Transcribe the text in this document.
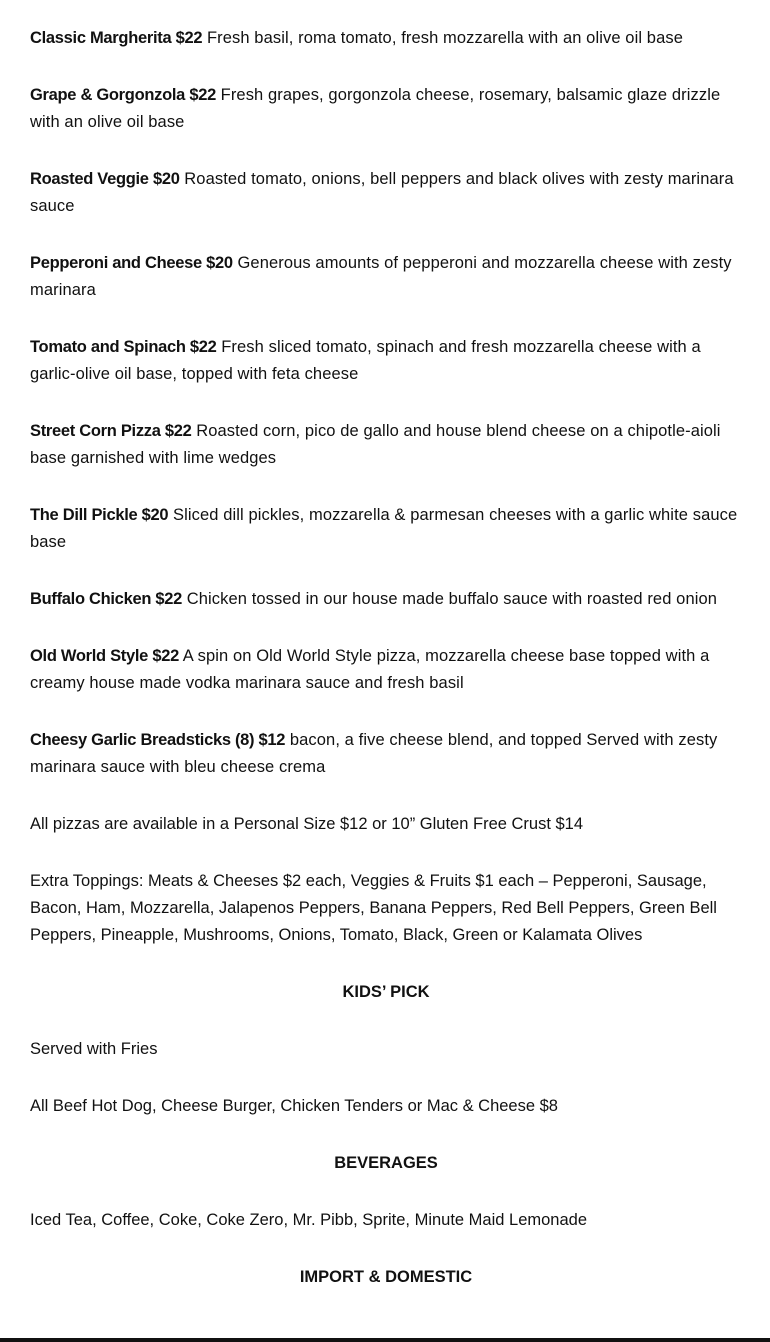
Classic Margherita $22 Fresh basil, roma tomato, fresh mozzarella with an olive oil base

Grape & Gorgonzola $22 Fresh grapes, gorgonzola cheese, rosemary, balsamic glaze drizzle with an olive oil base

Roasted Veggie $20 Roasted tomato, onions, bell peppers and black olives with zesty marinara sauce

Pepperoni and Cheese $20 Generous amounts of pepperoni and mozzarella cheese with zesty marinara

Tomato and Spinach $22 Fresh sliced tomato, spinach and fresh mozzarella cheese with a garlic-olive oil base, topped with feta cheese

Street Corn Pizza $22 Roasted corn, pico de gallo and house blend cheese on a chipotle-aioli base garnished with lime wedges

The Dill Pickle $20 Sliced dill pickles, mozzarella & parmesan cheeses with a garlic white sauce base

Buffalo Chicken $22 Chicken tossed in our house made buffalo sauce with roasted red onion

Old World Style $22 A spin on Old World Style pizza, mozzarella cheese base topped with a creamy house made vodka marinara sauce and fresh basil

Cheesy Garlic Breadsticks (8) $12 bacon, a five cheese blend, and topped Served with zesty marinara sauce with bleu cheese crema

All pizzas are available in a Personal Size $12 or 10” Gluten Free Crust $14

Extra Toppings: Meats & Cheeses $2 each, Veggies & Fruits $1 each – Pepperoni, Sausage, Bacon, Ham, Mozzarella, Jalapenos Peppers, Banana Peppers, Red Bell Peppers, Green Bell Peppers, Pineapple, Mushrooms, Onions, Tomato, Black, Green or Kalamata Olives

KIDS’ PICK

Served with Fries

All Beef Hot Dog, Cheese Burger, Chicken Tenders or Mac & Cheese $8

BEVERAGES

Iced Tea, Coffee, Coke, Coke Zero, Mr. Pibb, Sprite, Minute Maid Lemonade

IMPORT & DOMESTIC
